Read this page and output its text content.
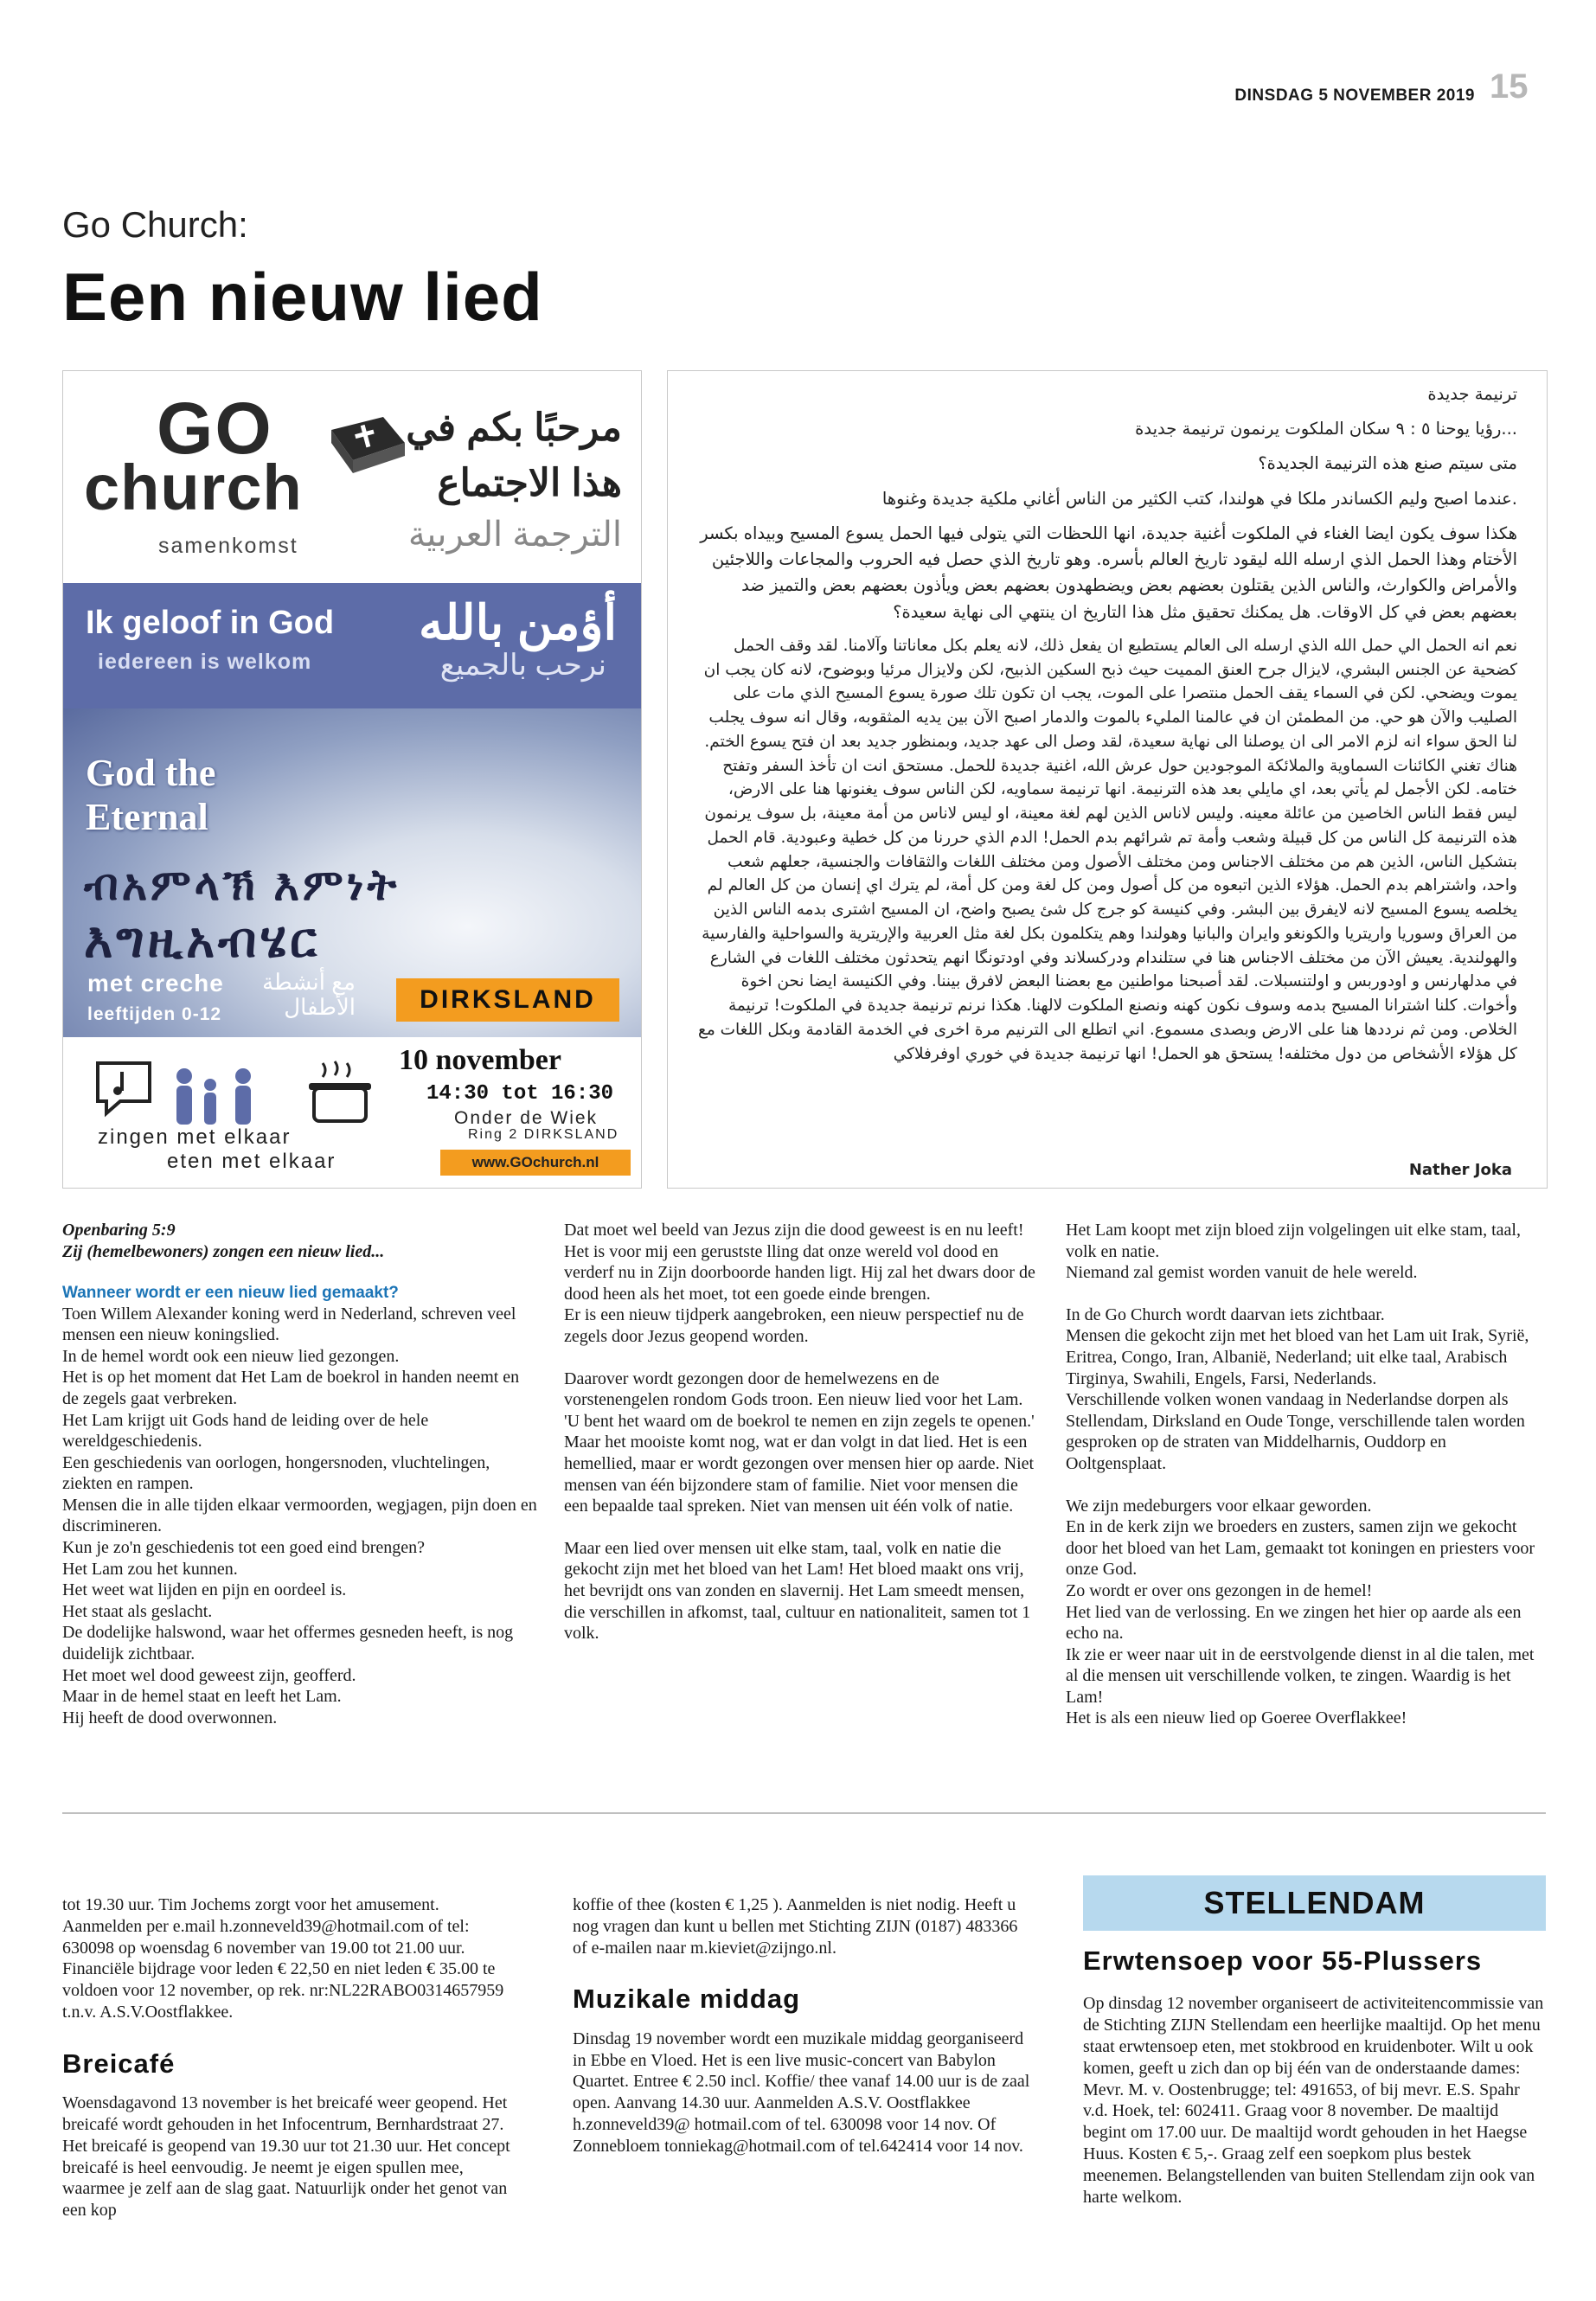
DINSDAG 5 NOVEMBER 2019 15
Go Church:
Een nieuw lied
GO
church
samenkomst
مرحبًا بكم في
هذا الاجتماع
الترجمة العربية
Ik geloof in God
iedereen is welkom
أؤمن بالله
نرحب بالجميع
God the
Eternal
ብአምላኽ እምነት
እግዚአብሄር
met creche
leeftijden 0-12
مع أنشطة الأطفال	DIRKSLAND
10 november
14:30 tot 16:30
Onder de Wiek
Ring 2 DIRKSLAND
www.GOchurch.nl
zingen met elkaar
eten met elkaar

ترنيمة جديدة

...رؤيا يوحنا ٥ : ٩ سكان الملكوت يرنمون ترنيمة جديدة

متى سيتم صنع هذه الترنيمة الجديدة؟

.عندما اصبح وليم الكساندر ملكا في هولندا، كتب الكثير من الناس أغاني ملكية جديدة وغنوها

هكذا سوف يكون ايضا الغناء في الملكوت أغنية جديدة، انها اللحظات التي يتولى فيها الحمل يسوع المسيح وبيداه بكسر الأختام وهذا الحمل الذي ارسله الله ليقود تاريخ العالم بأسره. وهو تاريخ الذي حصل فيه الحروب والمجاعات واللاجئين والأمراض والكوارث، والناس الذين يقتلون بعضهم بعض ويضطهدون بعضهم بعض ويأذون بعضهم بعض والتميز ضد بعضهم بعض في كل الاوقات. هل يمكنك تحقيق مثل هذا التاريخ ان ينتهي الى نهاية سعيدة؟

نعم انه الحمل الي حمل الله الذي ارسله الى العالم يستطيع ان يفعل ذلك، لانه يعلم بكل معاناتنا وآلامنا. لقد وقف الحمل كضحية عن الجنس البشري، لايزال جرح العنق المميت حيث ذبح السكين الذبيح، لكن ولايزال مرئيا وبوضوح، لانه كان يجب ان يموت ويضحي. لكن في السماء يقف الحمل منتصرا على الموت، يجب ان تكون تلك صورة يسوع المسيح الذي مات على الصليب والآن هو حي. من المطمئن ان في عالمنا المليء بالموت والدمار اصبح الآن بين يديه المثقوبه، وقال انه سوف يجلب لنا الحق سواء انه لزم الامر الى ان يوصلنا الى نهاية سعيدة، لقد وصل الى عهد جديد، وبمنظور جديد بعد ان فتح يسوع الختم. هناك تغني الكائنات السماوية والملائكة الموجودين حول عرش الله، اغنية جديدة للحمل. مستحق انت ان تأخذ السفر وتفتح ختامه. لكن الأجمل لم يأتي بعد، اي مايلي بعد هذه الترنيمة. انها ترنيمة سماويه، لكن الناس سوف يغنونها هنا على الارض، ليس فقط الناس الخاصين من عائلة معينه. وليس لاناس الذين لهم لغة معينة، او ليس لاناس من أمة معينة، بل سوف يرنمون هذه الترنيمة كل الناس من كل قبيلة وشعب وأمة تم شرائهم بدم الحمل! الدم الذي حررنا من كل خطية وعبودية. قام الحمل بتشكيل الناس، الذين هم من مختلف الاجناس ومن مختلف الأصول ومن مختلف اللغات والثقافات والجنسية، جعلهم شعب واحد، واشتراهم بدم الحمل. هؤلاء الذين اتبعوه من كل أصول ومن كل لغة ومن كل أمة، لم يترك اي إنسان من كل العالم لم يخلصه يسوع المسيح لانه لايفرق بين البشر. وفي كنيسة كو جرج كل شئ يصبح واضح، ان المسيح اشترى بدمه الناس الذين من العراق وسوريا واريتريا والكونغو وايران والبانيا وهولندا وهم يتكلمون بكل لغة مثل العربية والإريترية والسواحلية والفارسية والهولندية. يعيش الآن من مختلف الاجناس هنا في ستلندام ودركسلاند وفي اودتونگا انهم يتحدثون مختلف اللغات في الشارع في مدلهارنس و اودوربس و اولتنسبلات. لقد أصبحنا مواطنين مع بعضنا البعض لافرق بيننا. وفي الكنيسة ايضا نحن اخوة وأخوات. كلنا اشترانا المسيح بدمه وسوف نكون كهنه ونصنع الملكوت لالهنا. هكذا نرنم ترنيمة جديدة في الملكوت! ترنيمة الخلاص. ومن ثم نرددها هنا على الارض وبصدى مسموع. اني اتطلع الى الترنيم مرة اخرى في الخدمة القادمة وبكل اللغات مع كل هؤلاء الأشخاص من دول مختلفه! يستحق هو الحمل! انها ترنيمة جديدة في خوري اوفرفلاكي

Nather Joka

Openbaring 5:9

Zij (hemelbewoners) zongen een nieuw lied...

Wanneer wordt er een nieuw lied gemaakt?

Toen Willem Alexander koning werd in Nederland, schreven veel mensen een nieuw koningslied.

In de hemel wordt ook een nieuw lied gezongen.

Het is op het moment dat Het Lam de boekrol in handen neemt en de zegels gaat verbreken.

Het Lam krijgt uit Gods hand de leiding over de hele wereldgeschiedenis.

Een geschiedenis van oorlogen, hongersnoden, vluchtelingen, ziekten en rampen.

Mensen die in alle tijden elkaar vermoorden, wegjagen, pijn doen en discrimineren.

Kun je zo'n geschiedenis tot een goed eind brengen?

Het Lam zou het kunnen.

Het weet wat lijden en pijn en oordeel is.

Het staat als geslacht.

De dodelijke halswond, waar het offermes gesneden heeft, is nog duidelijk zichtbaar.

Het moet wel dood geweest zijn, geofferd.

Maar in de hemel staat en leeft het Lam.

Hij heeft de dood overwonnen.

Dat moet wel beeld van Jezus zijn die dood geweest is en nu leeft!

Het is voor mij een gerustste lling dat onze wereld vol dood en verderf nu in Zijn doorboorde handen ligt. Hij zal het dwars door de dood heen als het moet, tot een goede einde brengen.

Er is een nieuw tijdperk aangebroken, een nieuw perspectief nu de zegels door Jezus geopend worden.

Daarover wordt gezongen door de hemelwezens en de vorstenengelen rondom Gods troon. Een nieuw lied voor het Lam. 'U bent het waard om de boekrol te nemen en zijn zegels te openen.'

Maar het mooiste komt nog, wat er dan volgt in dat lied. Het is een hemellied, maar er wordt gezongen over mensen hier op aarde. Niet mensen van één bijzondere stam of familie. Niet voor mensen die een bepaalde taal spreken. Niet van mensen uit één volk of natie.

Maar een lied over mensen uit elke stam, taal, volk en natie die gekocht zijn met het bloed van het Lam! Het bloed maakt ons vrij, het bevrijdt ons van zonden en slavernij. Het Lam smeedt mensen, die verschillen in afkomst, taal, cultuur en nationaliteit, samen tot 1 volk.

Het Lam koopt met zijn bloed zijn volgelingen uit elke stam, taal, volk en natie.

Niemand zal gemist worden vanuit de hele wereld.

In de Go Church wordt daarvan iets zichtbaar.

Mensen die gekocht zijn met het bloed van het Lam uit Irak, Syrië, Eritrea, Congo, Iran, Albanië, Nederland; uit elke taal, Arabisch Tirginya, Swahili, Engels, Farsi, Nederlands.

Verschillende volken wonen vandaag in Nederlandse dorpen als Stellendam, Dirksland en Oude Tonge, verschillende talen worden gesproken op de straten van Middelharnis, Ouddorp en Ooltgensplaat.

We zijn medeburgers voor elkaar geworden.

En in de kerk zijn we broeders en zusters, samen zijn we gekocht door het bloed van het Lam, gemaakt tot koningen en priesters voor onze God.

Zo wordt er over ons gezongen in de hemel!

Het lied van de verlossing. En we zingen het hier op aarde als een echo na.

Ik zie er weer naar uit in de eerstvolgende dienst in al die talen, met al die mensen uit verschillende volken, te zingen. Waardig is het Lam!

Het is als een nieuw lied op Goeree Overflakkee!

tot 19.30 uur. Tim Jochems zorgt voor het amusement. Aanmelden per e.mail h.zonneveld39@hotmail.com of tel: 630098 op woensdag 6 november van 19.00 tot 21.00 uur. Financiële bijdrage voor leden € 22,50 en niet leden € 35.00 te voldoen voor 12 november, op rek. nr:NL22RABO0314657959 t.n.v. A.S.V.Oostflakkee.

Breicafé

Woensdagavond 13 november is het breicafé weer geopend. Het breicafé wordt gehouden in het Infocentrum, Bernhardstraat 27. Het breicafé is geopend van 19.30 uur tot 21.30 uur. Het concept breicafé is heel eenvoudig. Je neemt je eigen spullen mee, waarmee je zelf aan de slag gaat. Natuurlijk onder het genot van een kop

koffie of thee (kosten € 1,25 ). Aanmelden is niet nodig. Heeft u nog vragen dan kunt u bellen met Stichting ZIJN (0187) 483366 of e-mailen naar m.kieviet@zijngo.nl.

Muzikale middag

Dinsdag 19 november wordt een muzikale middag georganiseerd in Ebbe en Vloed. Het is een live music-concert van Babylon Quartet. Entree € 2.50 incl. Koffie/ thee vanaf 14.00 uur is de zaal open. Aanvang 14.30 uur. Aanmelden A.S.V. Oostflakkee h.zonneveld39@ hotmail.com of tel. 630098 voor 14 nov. Of Zonnebloem tonniekag@hotmail.com of tel.642414 voor 14 nov.

STELLENDAM

Erwtensoep voor 55-Plussers

Op dinsdag 12 november organiseert de activiteitencommissie van de Stichting ZIJN Stellendam een heerlijke maaltijd. Op het menu staat erwtensoep eten, met stokbrood en kruidenboter. Wilt u ook komen, geeft u zich dan op bij één van de onderstaande dames: Mevr. M. v. Oostenbrugge; tel: 491653, of bij mevr. E.S. Spahr v.d. Hoek, tel: 602411. Graag voor 8 november. De maaltijd begint om 17.00 uur. De maaltijd wordt gehouden in het Haegse Huus. Kosten € 5,-. Graag zelf een soepkom plus bestek meenemen. Belangstellenden van buiten Stellendam zijn ook van harte welkom.
